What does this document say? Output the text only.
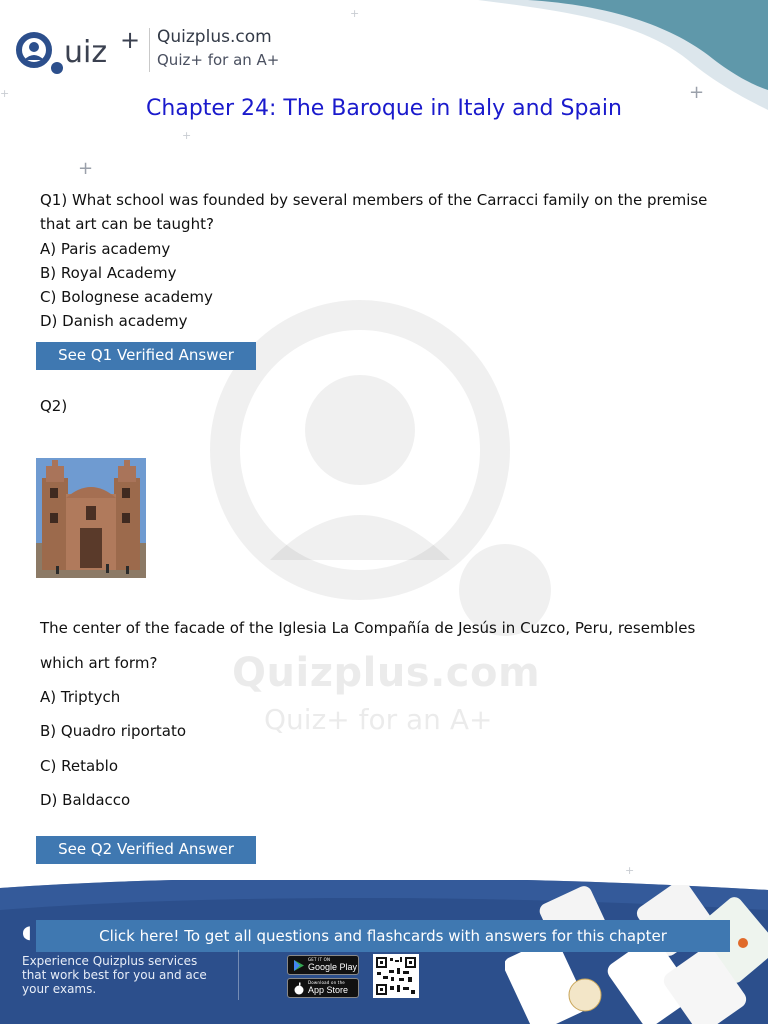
uiz + Quizplus.com
Quiz+ for an A+
+
+
+
+
+
+
Chapter 24: The Baroque in Italy and Spain
Quizplus.com
Quiz+ for an A+
Q1) What school was founded by several members of the Carracci family on the premise
that art can be taught?
A) Paris academy
B) Royal Academy
C) Bolognese academy
D) Danish academy
See Q1 Verified Answer
Q2)
The center of the facade of the Iglesia La Compañía de Jesús in Cuzco, Peru, resembles
which art form?
A) Triptych
B) Quadro riportato
C) Retablo
D) Baldacco
See Q2 Verified Answer
◖	Click here! To get all questions and flashcards with answers for this chapter
Experience Quizplus services
that work best for you and ace
your exams.
GET IT ON
Google Play
Download on the
App Store
